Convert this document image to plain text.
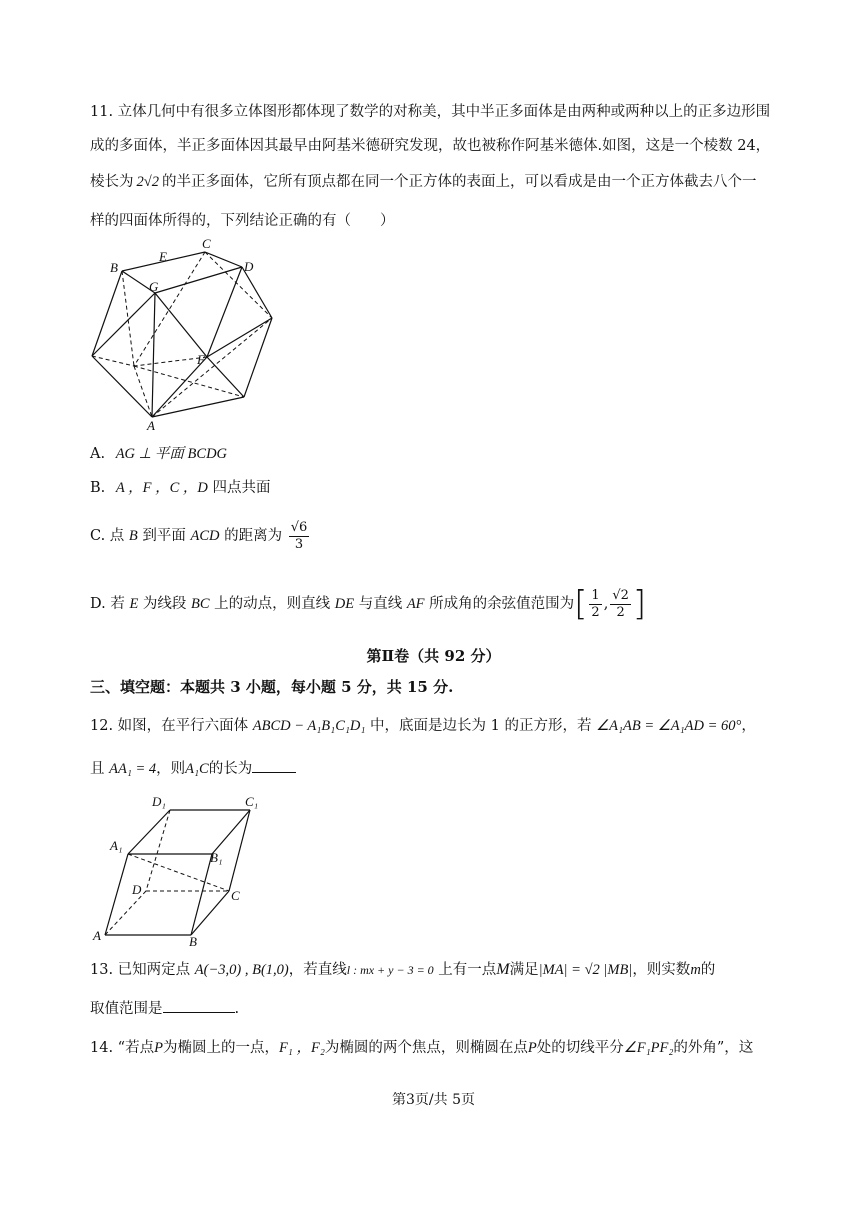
11. 立体几何中有很多立体图形都体现了数学的对称美，其中半正多面体是由两种或两种以上的正多边形围
成的多面体，半正多面体因其最早由阿基米德研究发现，故也被称作阿基米德体.如图，这是一个棱数 24，
棱长为 2√2 的半正多面体，它所有顶点都在同一个正方体的表面上，可以看成是由一个正方体截去八个一
样的四面体所得的，下列结论正确的有（　　）
B
E
C
D
G
F
A
A. AG ⊥ 平面 BCDG
B. A ，F ，C ，D 四点共面
C. 点 B 到平面 ACD 的距离为 $\frac{√6}{3}$
D. 若 E 为线段 BC 上的动点，则直线 DE 与直线 AF 所成角的余弦值范围为[ $\frac{1}{2}$ , $\frac{√2}{2}$ ]
第Ⅱ卷（共 92 分）
三、填空题：本题共 3 小题，每小题 5 分，共 15 分.
12. 如图，在平行六面体 ABCD − A₁B₁C₁D₁ 中，底面是边长为 1 的正方形，若 ∠A₁AB = ∠A₁AD = 60°，
且 AA₁ = 4，则A₁C的长为
D₁	C₁
A₁
B₁
D	C
A	B
13. 已知两定点 A(−3,0) , B(1,0)，若直线l : mx + y − 3 = 0 上有一点M满足|MA| = √2 |MB|，则实数m的
取值范围是	.
14. “若点P为椭圆上的一点，F₁ ，F₂为椭圆的两个焦点，则椭圆在点P处的切线平分∠F₁PF₂的外角”，这
第3页/共 5页
